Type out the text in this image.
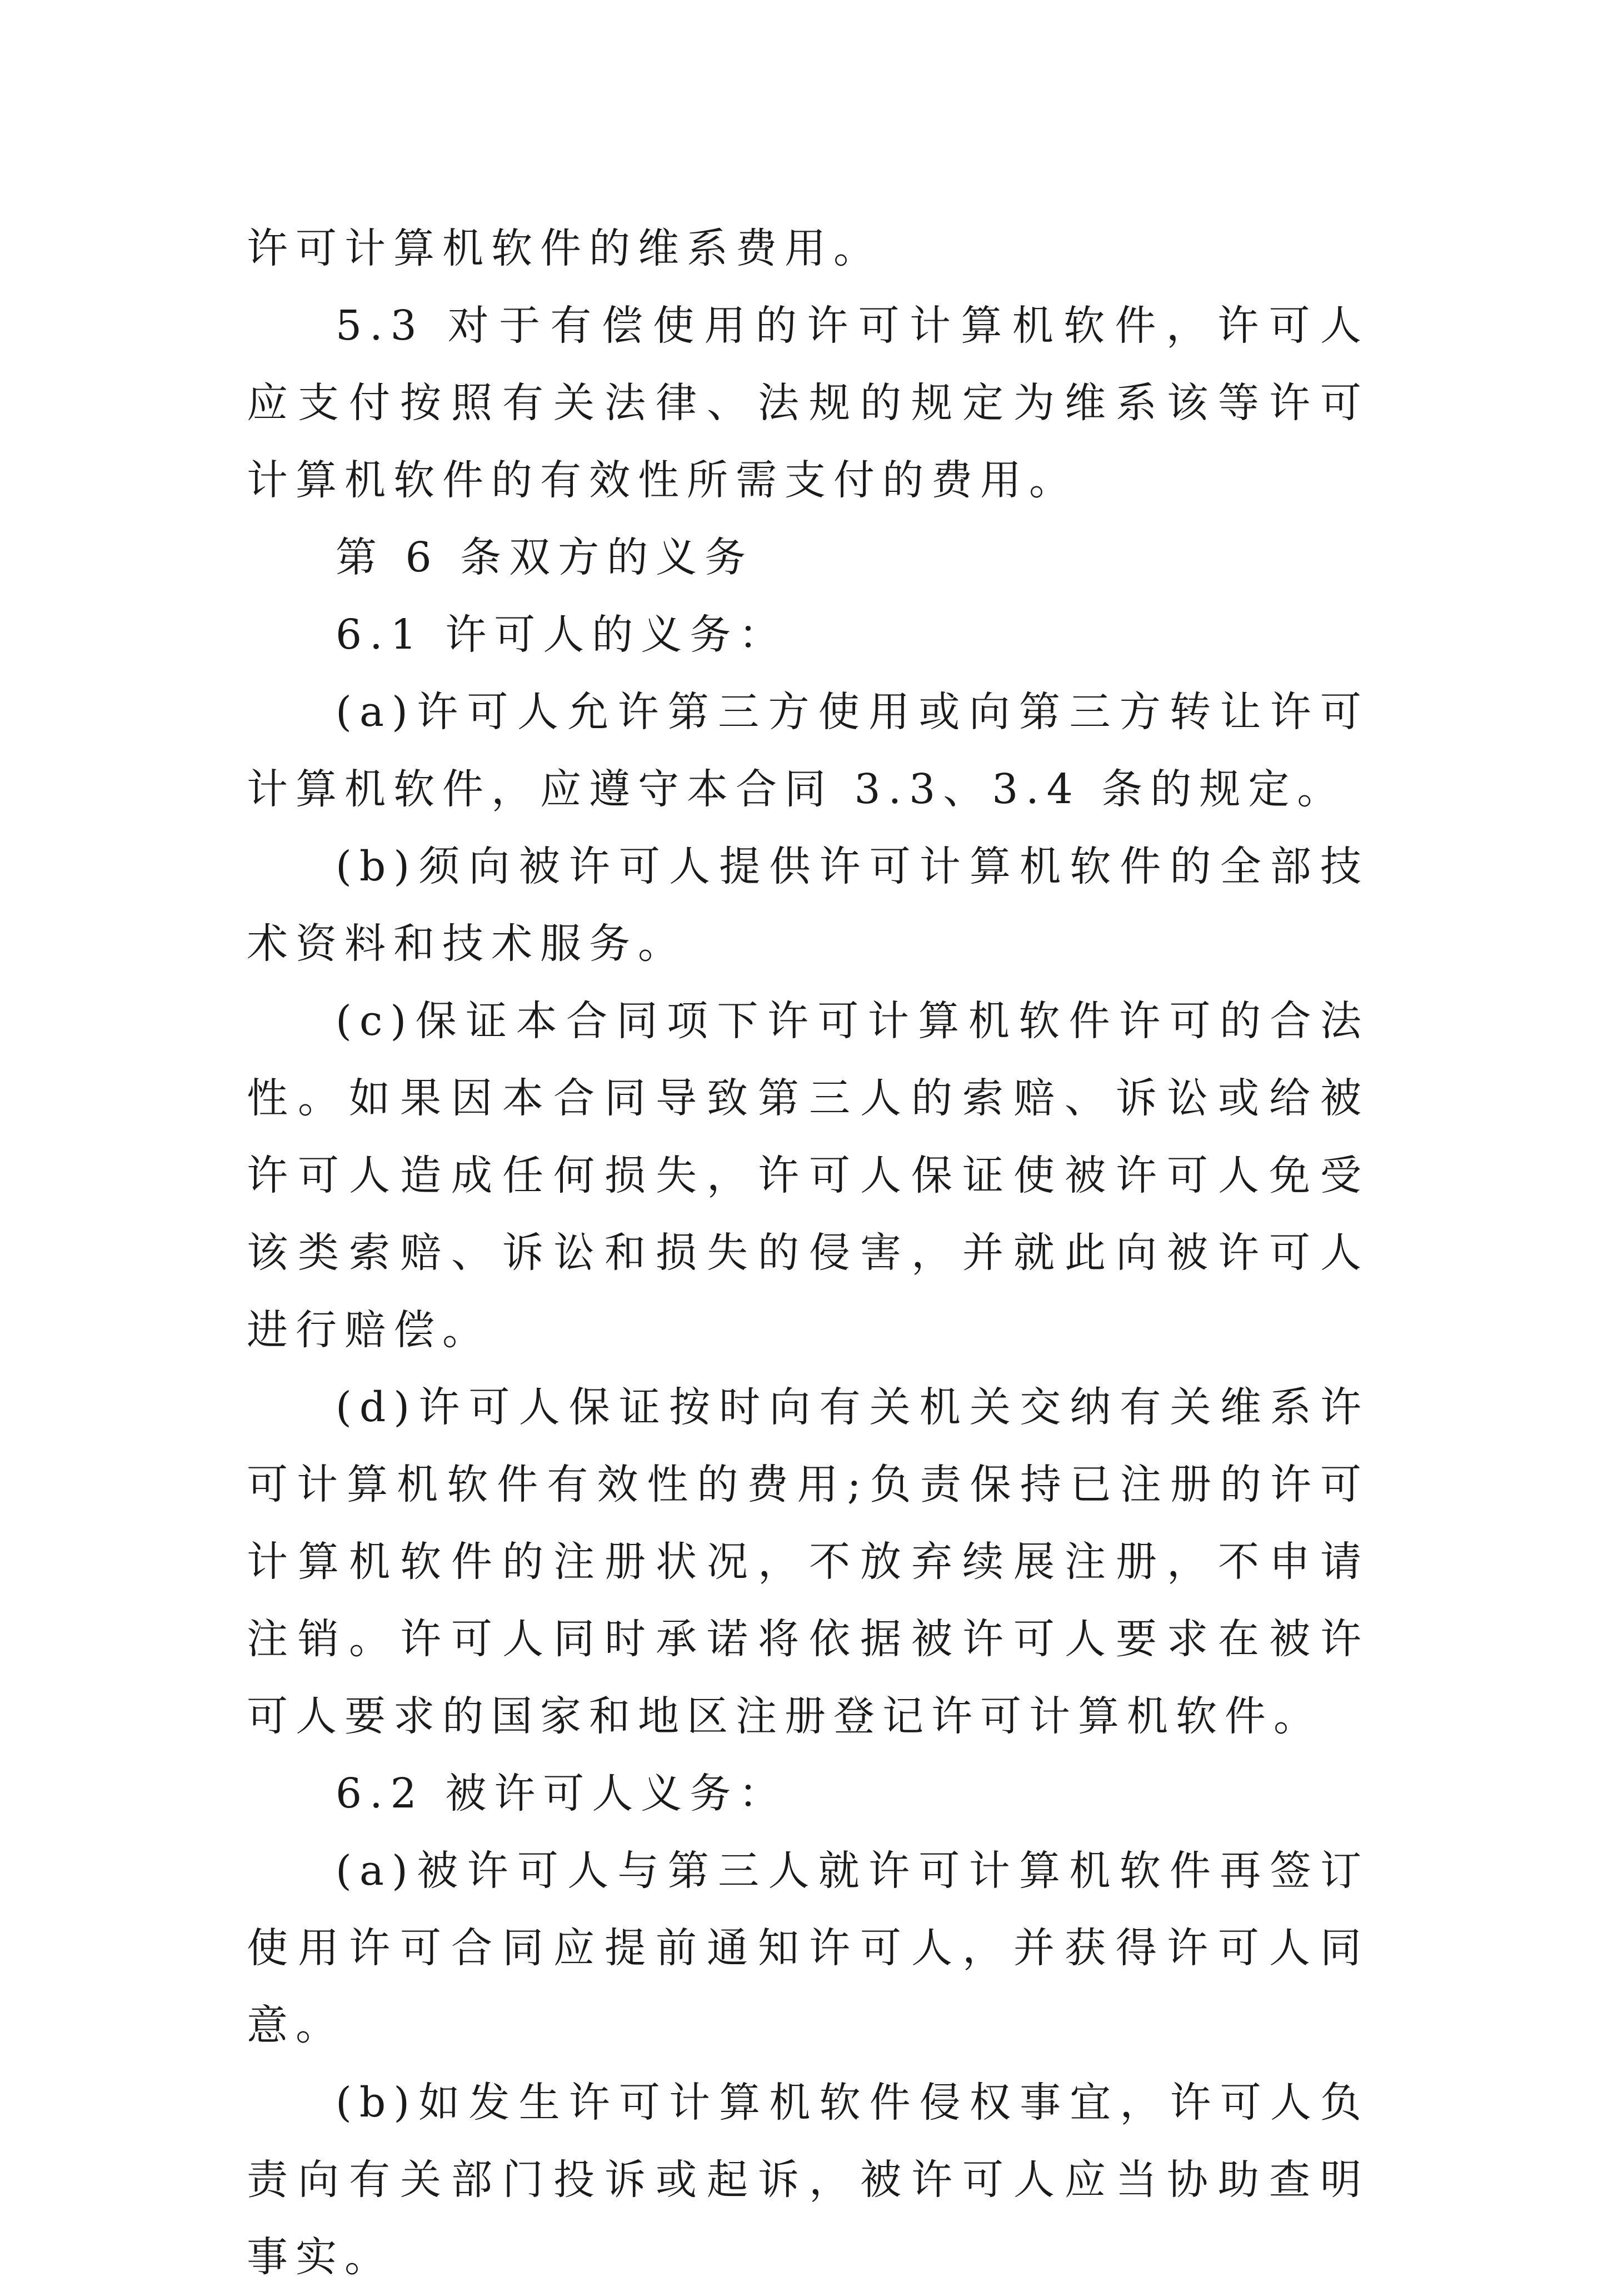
许可计算机软件的维系费用。

5.3 对于有偿使用的许可计算机软件，许可人应支付按照有关法律、法规的规定为维系该等许可计算机软件的有效性所需支付的费用。

第 6 条双方的义务

6.1 许可人的义务：

(a)许可人允许第三方使用或向第三方转让许可计算机软件，应遵守本合同 3.3、3.4 条的规定。

(b)须向被许可人提供许可计算机软件的全部技术资料和技术服务。

(c)保证本合同项下许可计算机软件许可的合法性。如果因本合同导致第三人的索赔、诉讼或给被许可人造成任何损失，许可人保证使被许可人免受该类索赔、诉讼和损失的侵害，并就此向被许可人进行赔偿。

(d)许可人保证按时向有关机关交纳有关维系许可计算机软件有效性的费用;负责保持已注册的许可计算机软件的注册状况，不放弃续展注册，不申请注销。许可人同时承诺将依据被许可人要求在被许可人要求的国家和地区注册登记许可计算机软件。

6.2 被许可人义务：

(a)被许可人与第三人就许可计算机软件再签订使用许可合同应提前通知许可人，并获得许可人同意。

(b)如发生许可计算机软件侵权事宜，许可人负责向有关部门投诉或起诉，被许可人应当协助查明事实。
